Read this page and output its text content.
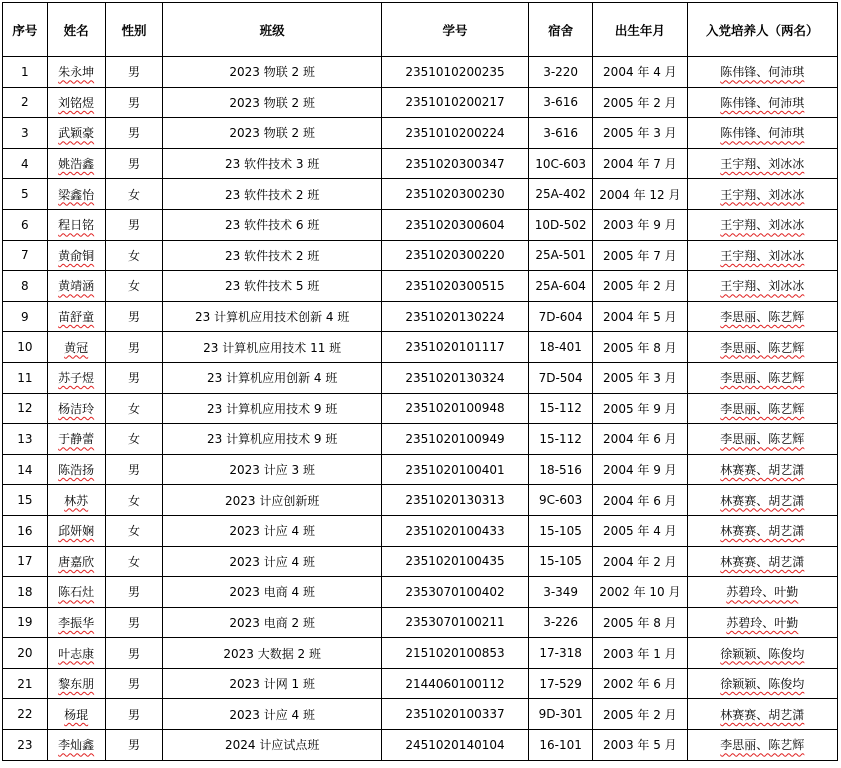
序号	姓名	性别	班级	学号	宿舍	出生年月	入党培养人（两名）
1	朱永坤	男	2023 物联 2 班	2351010200235	3-220	2004 年 4 月	陈伟锋、何沛琪
2	刘铭煜	男	2023 物联 2 班	2351010200217	3-616	2005 年 2 月	陈伟锋、何沛琪
3	武颖豪	男	2023 物联 2 班	2351010200224	3-616	2005 年 3 月	陈伟锋、何沛琪
4	姚浩鑫	男	23 软件技术 3 班	2351020300347	10C-603	2004 年 7 月	王宇翔、刘冰冰
5	梁鑫怡	女	23 软件技术 2 班	2351020300230	25A-402	2004 年 12 月	王宇翔、刘冰冰
6	程日铭	男	23 软件技术 6 班	2351020300604	10D-502	2003 年 9 月	王宇翔、刘冰冰
7	黄俞铜	女	23 软件技术 2 班	2351020300220	25A-501	2005 年 7 月	王宇翔、刘冰冰
8	黄靖涵	女	23 软件技术 5 班	2351020300515	25A-604	2005 年 2 月	王宇翔、刘冰冰
9	苗舒童	男	23 计算机应用技术创新 4 班	2351020130224	7D-604	2004 年 5 月	李思丽、陈艺辉
10	黄冠	男	23 计算机应用技术 11 班	2351020101117	18-401	2005 年 8 月	李思丽、陈艺辉
11	苏子煜	男	23 计算机应用创新 4 班	2351020130324	7D-504	2005 年 3 月	李思丽、陈艺辉
12	杨洁玲	女	23 计算机应用技术 9 班	2351020100948	15-112	2005 年 9 月	李思丽、陈艺辉
13	于静蕾	女	23 计算机应用技术 9 班	2351020100949	15-112	2004 年 6 月	李思丽、陈艺辉
14	陈浩扬	男	2023 计应 3 班	2351020100401	18-516	2004 年 9 月	林赛赛、胡艺潇
15	林苏	女	2023 计应创新班	2351020130313	9C-603	2004 年 6 月	林赛赛、胡艺潇
16	邱妍娴	女	2023 计应 4 班	2351020100433	15-105	2005 年 4 月	林赛赛、胡艺潇
17	唐嘉欣	女	2023 计应 4 班	2351020100435	15-105	2004 年 2 月	林赛赛、胡艺潇
18	陈石灶	男	2023 电商 4 班	2353070100402	3-349	2002 年 10 月	苏碧玲、叶勤
19	李振华	男	2023 电商 2 班	2353070100211	3-226	2005 年 8 月	苏碧玲、叶勤
20	叶志康	男	2023 大数据 2 班	2151020100853	17-318	2003 年 1 月	徐颖颖、陈俊均
21	黎东朋	男	2023 计网 1 班	2144060100112	17-529	2002 年 6 月	徐颖颖、陈俊均
22	杨琨	男	2023 计应 4 班	2351020100337	9D-301	2005 年 2 月	林赛赛、胡艺潇
23	李灿鑫	男	2024 计应试点班	2451020140104	16-101	2003 年 5 月	李思丽、陈艺辉
